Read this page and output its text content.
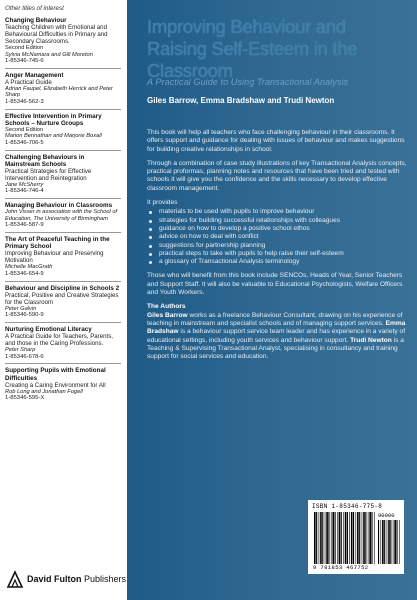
Other titles of interest
Changing Behaviour
Teaching Children with Emotional and Behavioural Difficulties in Primary and Secondary Classrooms.
Second Edition
Sylvia McNamara and Gill Moreton
1-85346-745-6
Anger Management
A Practical Guide
Adrian Faupel, Elizabeth Herrick and Peter Sharp
1-85346-562-3
Effective Intervention in Primary Schools – Nurture Groups
Second Edition
Marion Bennathan and Marjorie Boxall
1-85346-706-5
Challenging Behaviours in Mainstream Schools
Practical Strategies for Effective Intervention and Reintegration
Jane McSherry
1-85346-746-4
Managing Behaviour in Classrooms
John Visser in association with the School of Education, The University of Birmingham
1-85346-587-9
The Art of Peaceful Teaching in the Primary School
Improving Behaviour and Preserving Motivation
Michelle MacGrath
1-85346-654-9
Behaviour and Discipline in Schools 2
Practical, Positive and Creative Strategies for the Classroom
Peter Galvin
1-85346-590-9
Nurturing Emotional Literacy
A Practical Guide for Teachers, Parents, and those in the Caring Professions.
Peter Sharp
1-85346-678-6
Supporting Pupils with Emotional Difficulties
Creating a Caring Environment for All
Rob Long and Jonathan Fogell
1-85346-595-X
David Fulton Publishers
Improving Behaviour and Raising Self-Esteem in the Classroom
A Practical Guide to Using Transactional Analysis
Giles Barrow, Emma Bradshaw and Trudi Newton

This book will help all teachers who face challenging behaviour in their classrooms. It offers support and guidance for dealing with issues of behaviour and makes suggestions for building creative relationships in school.

Through a combination of case study illustrations of key Transactional Analysis concepts, practical proformas, planning notes and resources that have been tried and tested with schools it will give you the confidence and the skills necessary to develop effective classroom management.

It provides

materials to be used with pupils to improve behaviour
strategies for building successful relationships with colleagues
guidance on how to develop a positive school ethos
advice on how to deal with conflict
suggestions for partnership planning
practical steps to take with pupils to help raise their self-esteem
a glossary of Transactional Analysis terminology

Those who will benefit from this book include SENCOs, Heads of Year, Senior Teachers and Support Staff. It will also be valuable to Educational Psychologists, Welfare Officers and Youth Workers.

The Authors

Giles Barrow works as a freelance Behaviour Consultant, drawing on his experience of teaching in mainstream and specialist schools and of managing support services. Emma Bradshaw is a behaviour support service team leader and has experience in a variety of educational settings, including youth services and behaviour support. Trudi Newton is a Teaching & Supervising Transactional Analyst, specialising in consultancy and training support for social services and education.

ISBN 1-85346-775-8
90000
9 781853 467752
